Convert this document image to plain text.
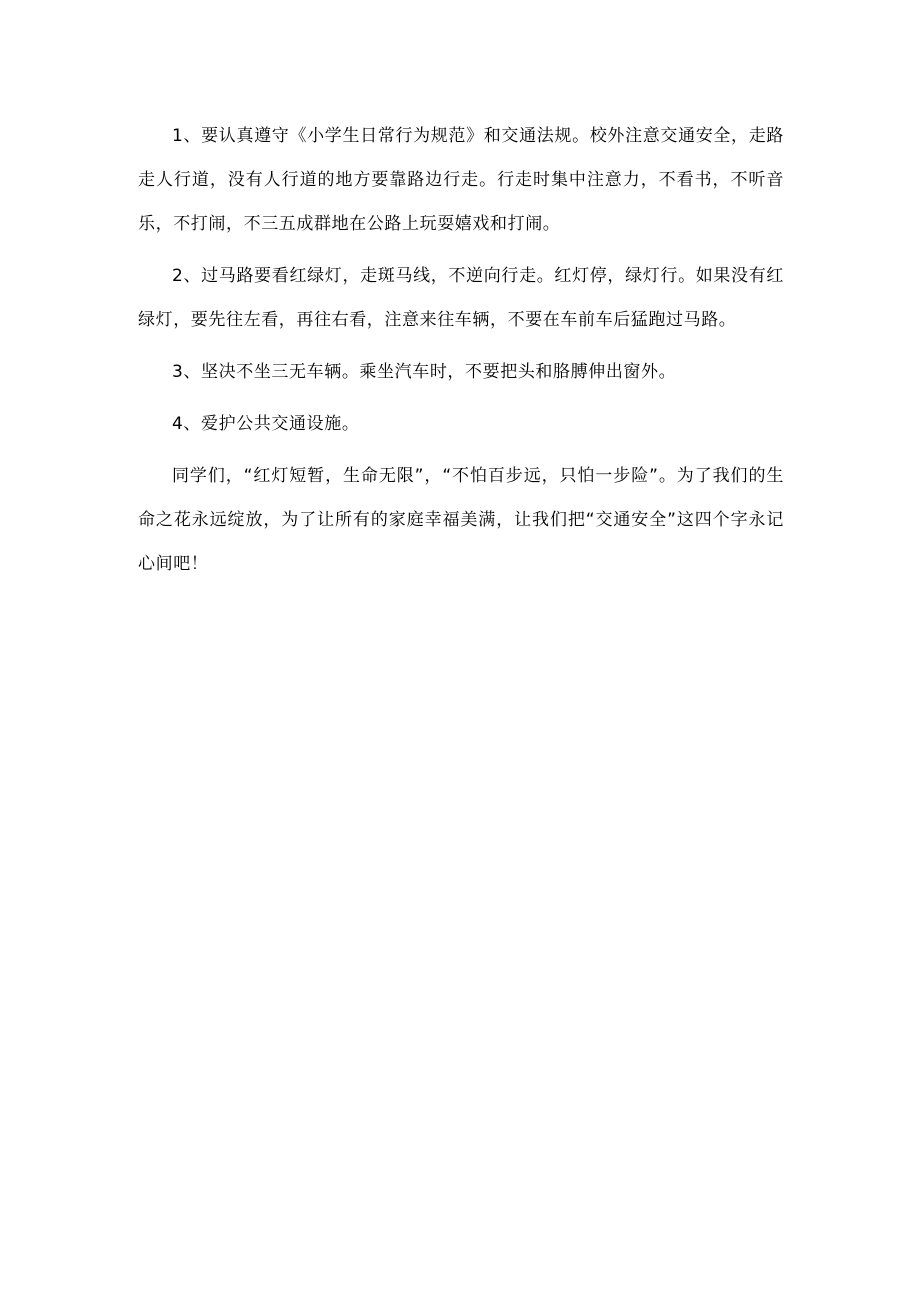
1、要认真遵守《小学生日常行为规范》和交通法规。校外注意交通安全，走路走人行道，没有人行道的地方要靠路边行走。行走时集中注意力，不看书，不听音乐，不打闹，不三五成群地在公路上玩耍嬉戏和打闹。

2、过马路要看红绿灯，走斑马线，不逆向行走。红灯停，绿灯行。如果没有红绿灯，要先往左看，再往右看，注意来往车辆，不要在车前车后猛跑过马路。

3、坚决不坐三无车辆。乘坐汽车时，不要把头和胳膊伸出窗外。

4、爱护公共交通设施。

同学们，“红灯短暂，生命无限”，“不怕百步远，只怕一步险”。为了我们的生命之花永远绽放，为了让所有的家庭幸福美满，让我们把“交通安全”这四个字永记心间吧！
